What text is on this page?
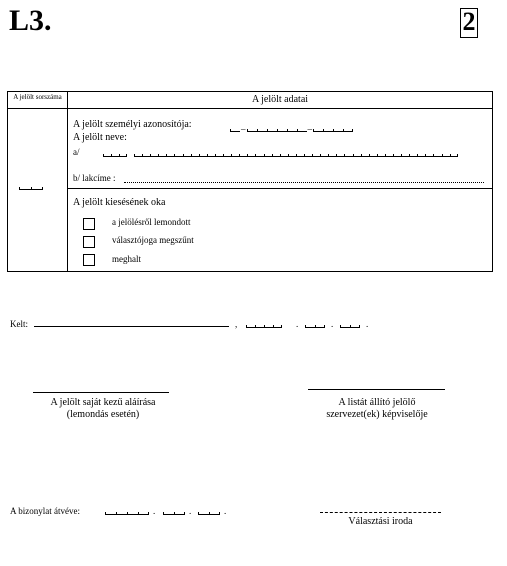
L3.	2
A jelölt sorszáma	A jelölt adatai
A jelölt személyi azonosítója:	–	–
A jelölt neve:
a/
b/ lakcíme :
A jelölt kiesésének oka
a jelölésről lemondott
választójoga megszűnt
meghalt
Kelt:	,	.	.	.
A jelölt saját kezű aláírása
(lemondás esetén)
A listát állító jelölő
szervezet(ek) képviselője
A bizonylat átvéve:	.	.	.
Választási iroda
